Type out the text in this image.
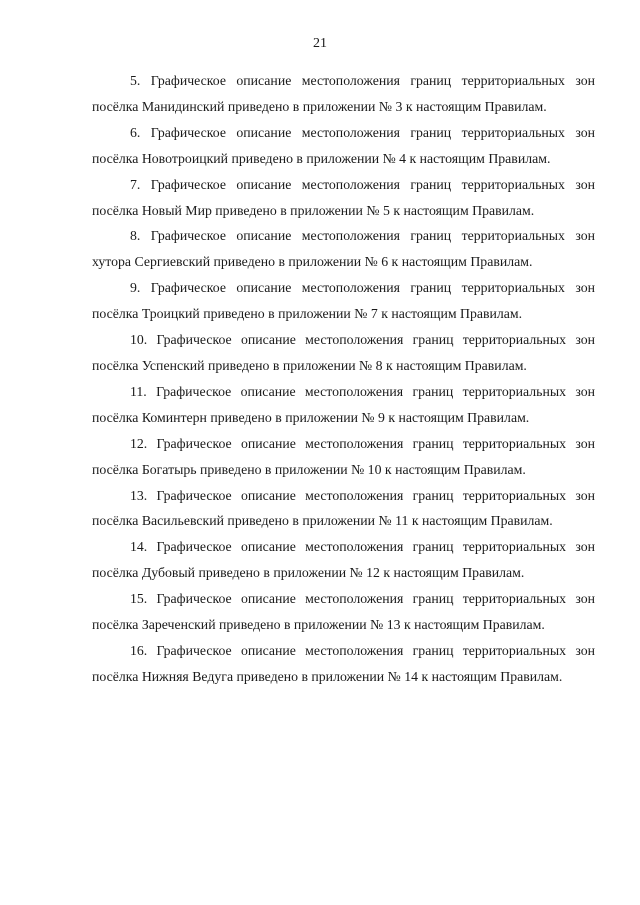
21

5. Графическое описание местоположения границ территориальных зон посёлка Манидинский приведено в приложении № 3 к настоящим Правилам.

6. Графическое описание местоположения границ территориальных зон посёлка Новотроицкий приведено в приложении № 4 к настоящим Правилам.

7. Графическое описание местоположения границ территориальных зон посёлка Новый Мир приведено в приложении № 5 к настоящим Правилам.

8. Графическое описание местоположения границ территориальных зон хутора Сергиевский приведено в приложении № 6 к настоящим Правилам.

9. Графическое описание местоположения границ территориальных зон посёлка Троицкий приведено в приложении № 7 к настоящим Правилам.

10. Графическое описание местоположения границ территориальных зон посёлка Успенский приведено в приложении № 8 к настоящим Правилам.

11. Графическое описание местоположения границ территориальных зон посёлка Коминтерн приведено в приложении № 9 к настоящим Правилам.

12. Графическое описание местоположения границ территориальных зон посёлка Богатырь приведено в приложении № 10 к настоящим Правилам.

13. Графическое описание местоположения границ территориальных зон посёлка Васильевский приведено в приложении № 11 к настоящим Правилам.

14. Графическое описание местоположения границ территориальных зон посёлка Дубовый приведено в приложении № 12 к настоящим Правилам.

15. Графическое описание местоположения границ территориальных зон посёлка Зареченский приведено в приложении № 13 к настоящим Правилам.

16. Графическое описание местоположения границ территориальных зон посёлка Нижняя Ведуга приведено в приложении № 14 к настоящим Правилам.
